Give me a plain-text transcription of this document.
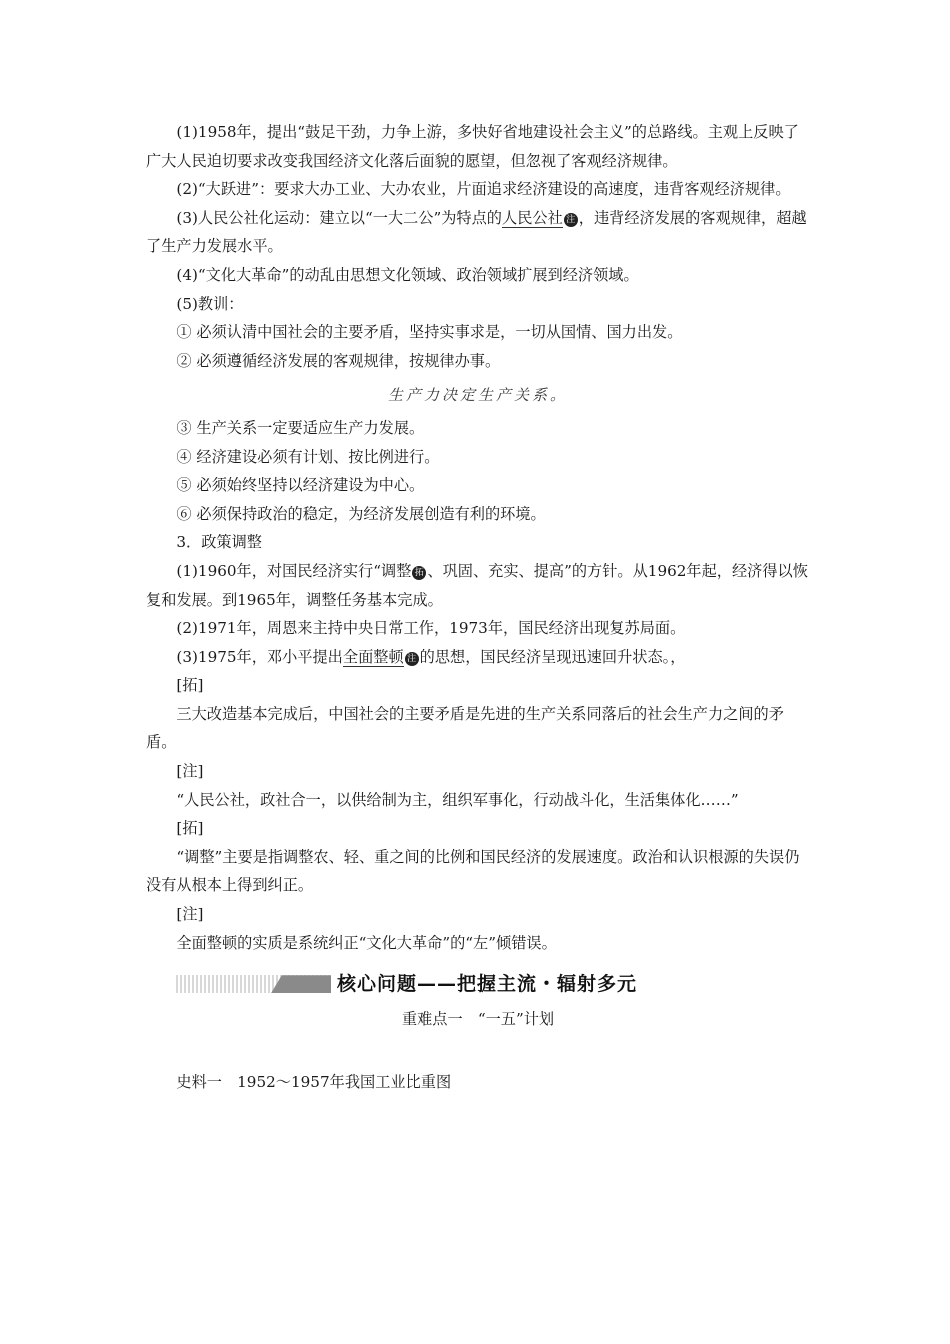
(1)1958年，提出“鼓足干劲，力争上游，多快好省地建设社会主义”的总路线。主观上反映了广大人民迫切要求改变我国经济文化落后面貌的愿望，但忽视了客观经济规律。

(2)“大跃进”：要求大办工业、大办农业，片面追求经济建设的高速度，违背客观经济规律。

(3)人民公社化运动：建立以“一大二公”为特点的人民公社 注 ，违背经济发展的客观规律，超越了生产力发展水平。

(4)“文化大革命”的动乱由思想文化领域、政治领域扩展到经济领域。

(5)教训：

① 必须认清中国社会的主要矛盾，坚持实事求是，一切从国情、国力出发。

② 必须遵循经济发展的客观规律，按规律办事。

生产力决定生产关系。

③ 生产关系一定要适应生产力发展。

④ 经济建设必须有计划、按比例进行。

⑤ 必须始终坚持以经济建设为中心。

⑥ 必须保持政治的稳定，为经济发展创造有利的环境。

3．政策调整

(1)1960年，对国民经济实行“调整 拓 、巩固、充实、提高”的方针。从1962年起，经济得以恢复和发展。到1965年，调整任务基本完成。

(2)1971年，周恩来主持中央日常工作，1973年，国民经济出现复苏局面。

(3)1975年，邓小平提出全面整顿 注 的思想，国民经济呈现迅速回升状态。，

[拓]

三大改造基本完成后，中国社会的主要矛盾是先进的生产关系同落后的社会生产力之间的矛盾。

[注]

“人民公社，政社合一，以供给制为主，组织军事化，行动战斗化，生活集体化……”

[拓]

“调整”主要是指调整农、轻、重之间的比例和国民经济的发展速度。政治和认识根源的失误仍没有从根本上得到纠正。

[注]

全面整顿的实质是系统纠正“文化大革命”的“左”倾错误。

核心问题——把握主流・辐射多元

重难点一　“一五”计划

史料一　1952～1957年我国工业比重图
